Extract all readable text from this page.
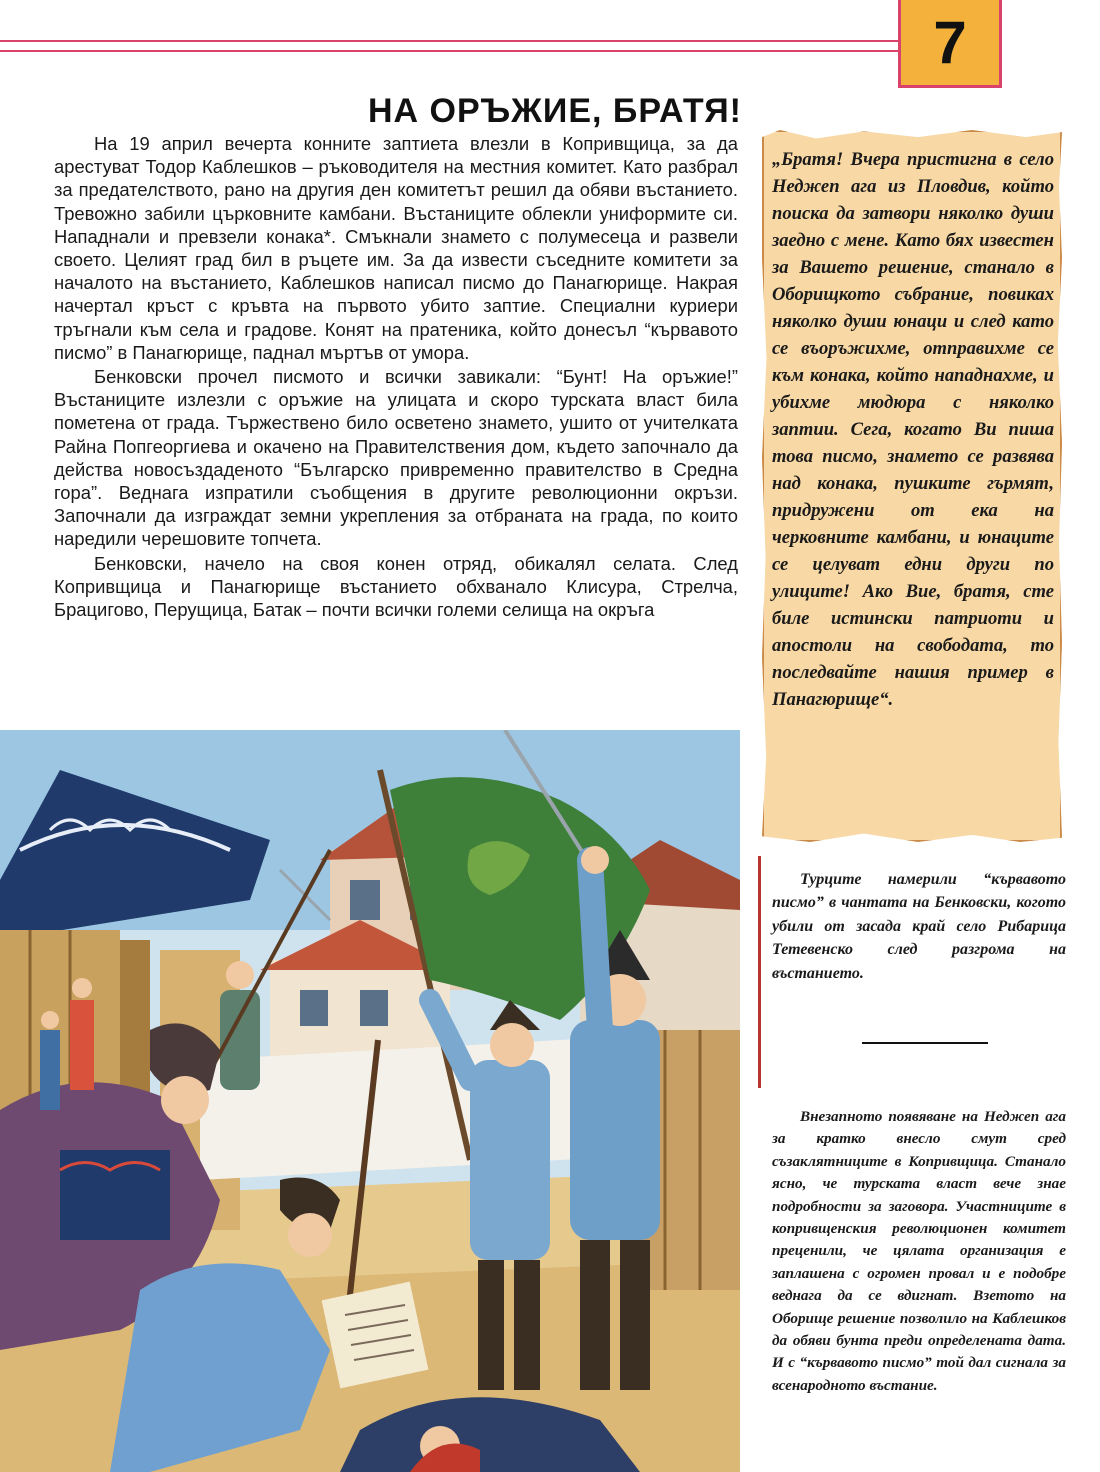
7
НА ОРЪЖИЕ, БРАТЯ!

На 19 април вечерта конните заптиета влезли в Копривщица, за да арестуват Тодор Каблешков – ръководителя на местния комитет. Като разбрал за предателството, рано на другия ден комитетът решил да обяви въстанието. Тревожно забили църковните камбани. Въстаниците облекли униформите си. Нападнали и превзели конака*. Смъкнали знамето с полумесеца и развели своето. Целият град бил в ръцете им. За да извести съседните комитети за началото на въстанието, Каблешков написал писмо до Панагюрище. Накрая начертал кръст с кръвта на първото убито заптие. Специални куриери тръгнали към села и градове. Конят на пратеника, който донесъл “кървавото писмо” в Панагюрище, паднал мъртъв от умора.

Бенковски прочел писмото и всички завикали: “Бунт! На оръжие!” Въстаниците излезли с оръжие на улицата и скоро турската власт била пометена от града. Тържествено било осветено знамето, ушито от учителката Райна Попгеоргиева и окачено на Правителствения дом, където започнало да действа новосъздаденото “Българско привременно правителство в Средна гора”. Веднага изпратили съобщения в другите революционни окръзи. Започнали да изграждат земни укрепления за отбраната на града, по които наредили черешовите топчета.

Бенковски, начело на своя конен отряд, обикалял селата. След Копривщица и Панагюрище въстанието обхванало Клисура, Стрелча, Брацигово, Перущица, Батак – почти всички големи селища на окръга

„Братя! Вчера пристигна в село Неджеп ага из Пловдив, който поиска да затвори няколко души заедно с мене. Като бях известен за Вашето решение, станало в Оборищкото събрание, повиках няколко души юнаци и след като се въоръжихме, отправихме се към конака, който нападнахме, и убихме мюдюра с няколко заптии. Сега, когато Ви пиша това писмо, знамето се развява над конака, пушките гърмят, придружени от ека на черковните камбани, и юнаците се целуват едни други по улиците! Ако Вие, братя, сте биле истински патриоти и апостоли на свободата, то последвайте нашия пример в Панагюрище“.

Турците намерили “кървавото писмо” в чантата на Бенковски, когото убили от засада край село Рибарица Тетевенско след разгрома на въстанието.

Внезапното появяване на Неджеп ага за кратко внесло смут сред съзаклятниците в Копривщица. Станало ясно, че турската власт вече знае подробности за заговора. Участниците в копривщенския революционен комитет преценили, че цялата организация е заплашена с огромен провал и е подобре веднага да се вдигнат. Взетото на Оборище решение позволило на Каблешков да обяви бунта преди определената дата. И с “кървавото писмо” той дал сигнала за всенародното въстание.
